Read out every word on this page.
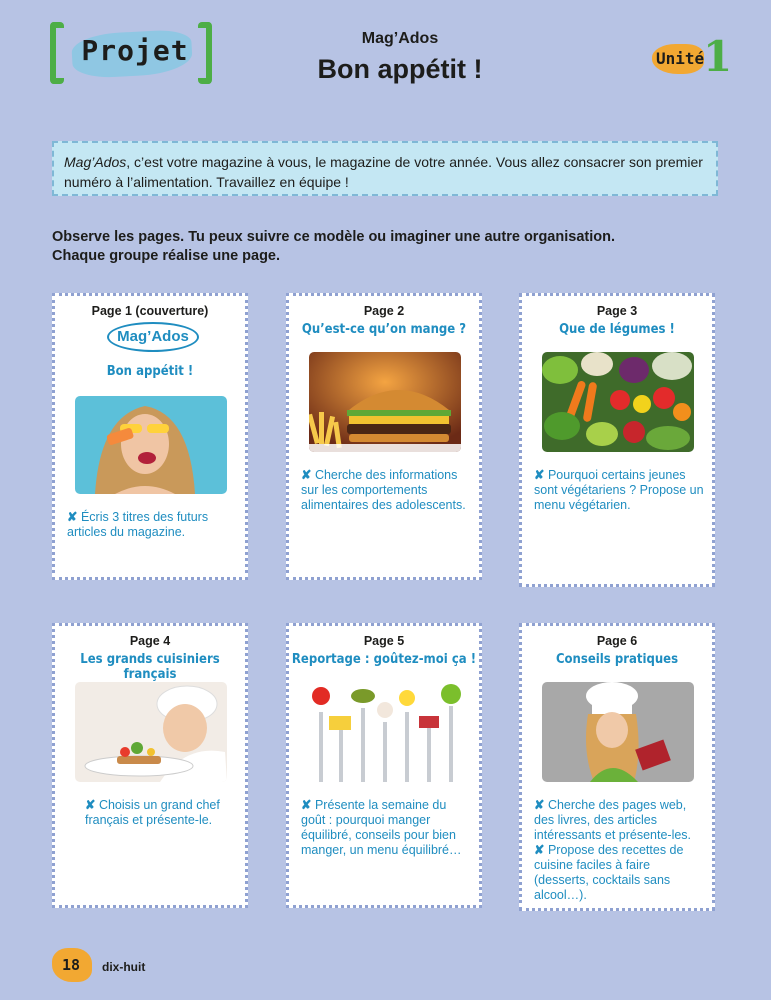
Projet	Mag’Ados
Bon appétit !	Unité
1
Mag’Ados, c’est votre magazine à vous, le magazine de votre année. Vous allez consacrer son premier numéro à l’alimentation. Travaillez en équipe !
Observe les pages. Tu peux suivre ce modèle ou imaginer une autre organisation.
Chaque groupe réalise une page.
Page 1 (couverture)
Mag’Ados
Bon appétit !
✘ Écris 3 titres des futurs articles du magazine.
Page 2
Qu’est-ce qu’on mange ?
✘ Cherche des informations sur les comportements alimentaires des adolescents.
Page 3
Que de légumes !
✘ Pourquoi certains jeunes sont végétariens ? Propose un menu végétarien.
Page 4
Les grands cuisiniers français
✘ Choisis un grand chef français et présente-le.
Page 5
Reportage : goûtez-moi ça !
✘ Présente la semaine du goût : pourquoi manger équilibré, conseils pour bien manger, un menu équilibré…
Page 6
Conseils pratiques
✘ Cherche des pages web, des livres, des articles intéressants et présente-les.
✘ Propose des recettes de cuisine faciles à faire (desserts, cocktails sans alcool…).
18 dix-huit
